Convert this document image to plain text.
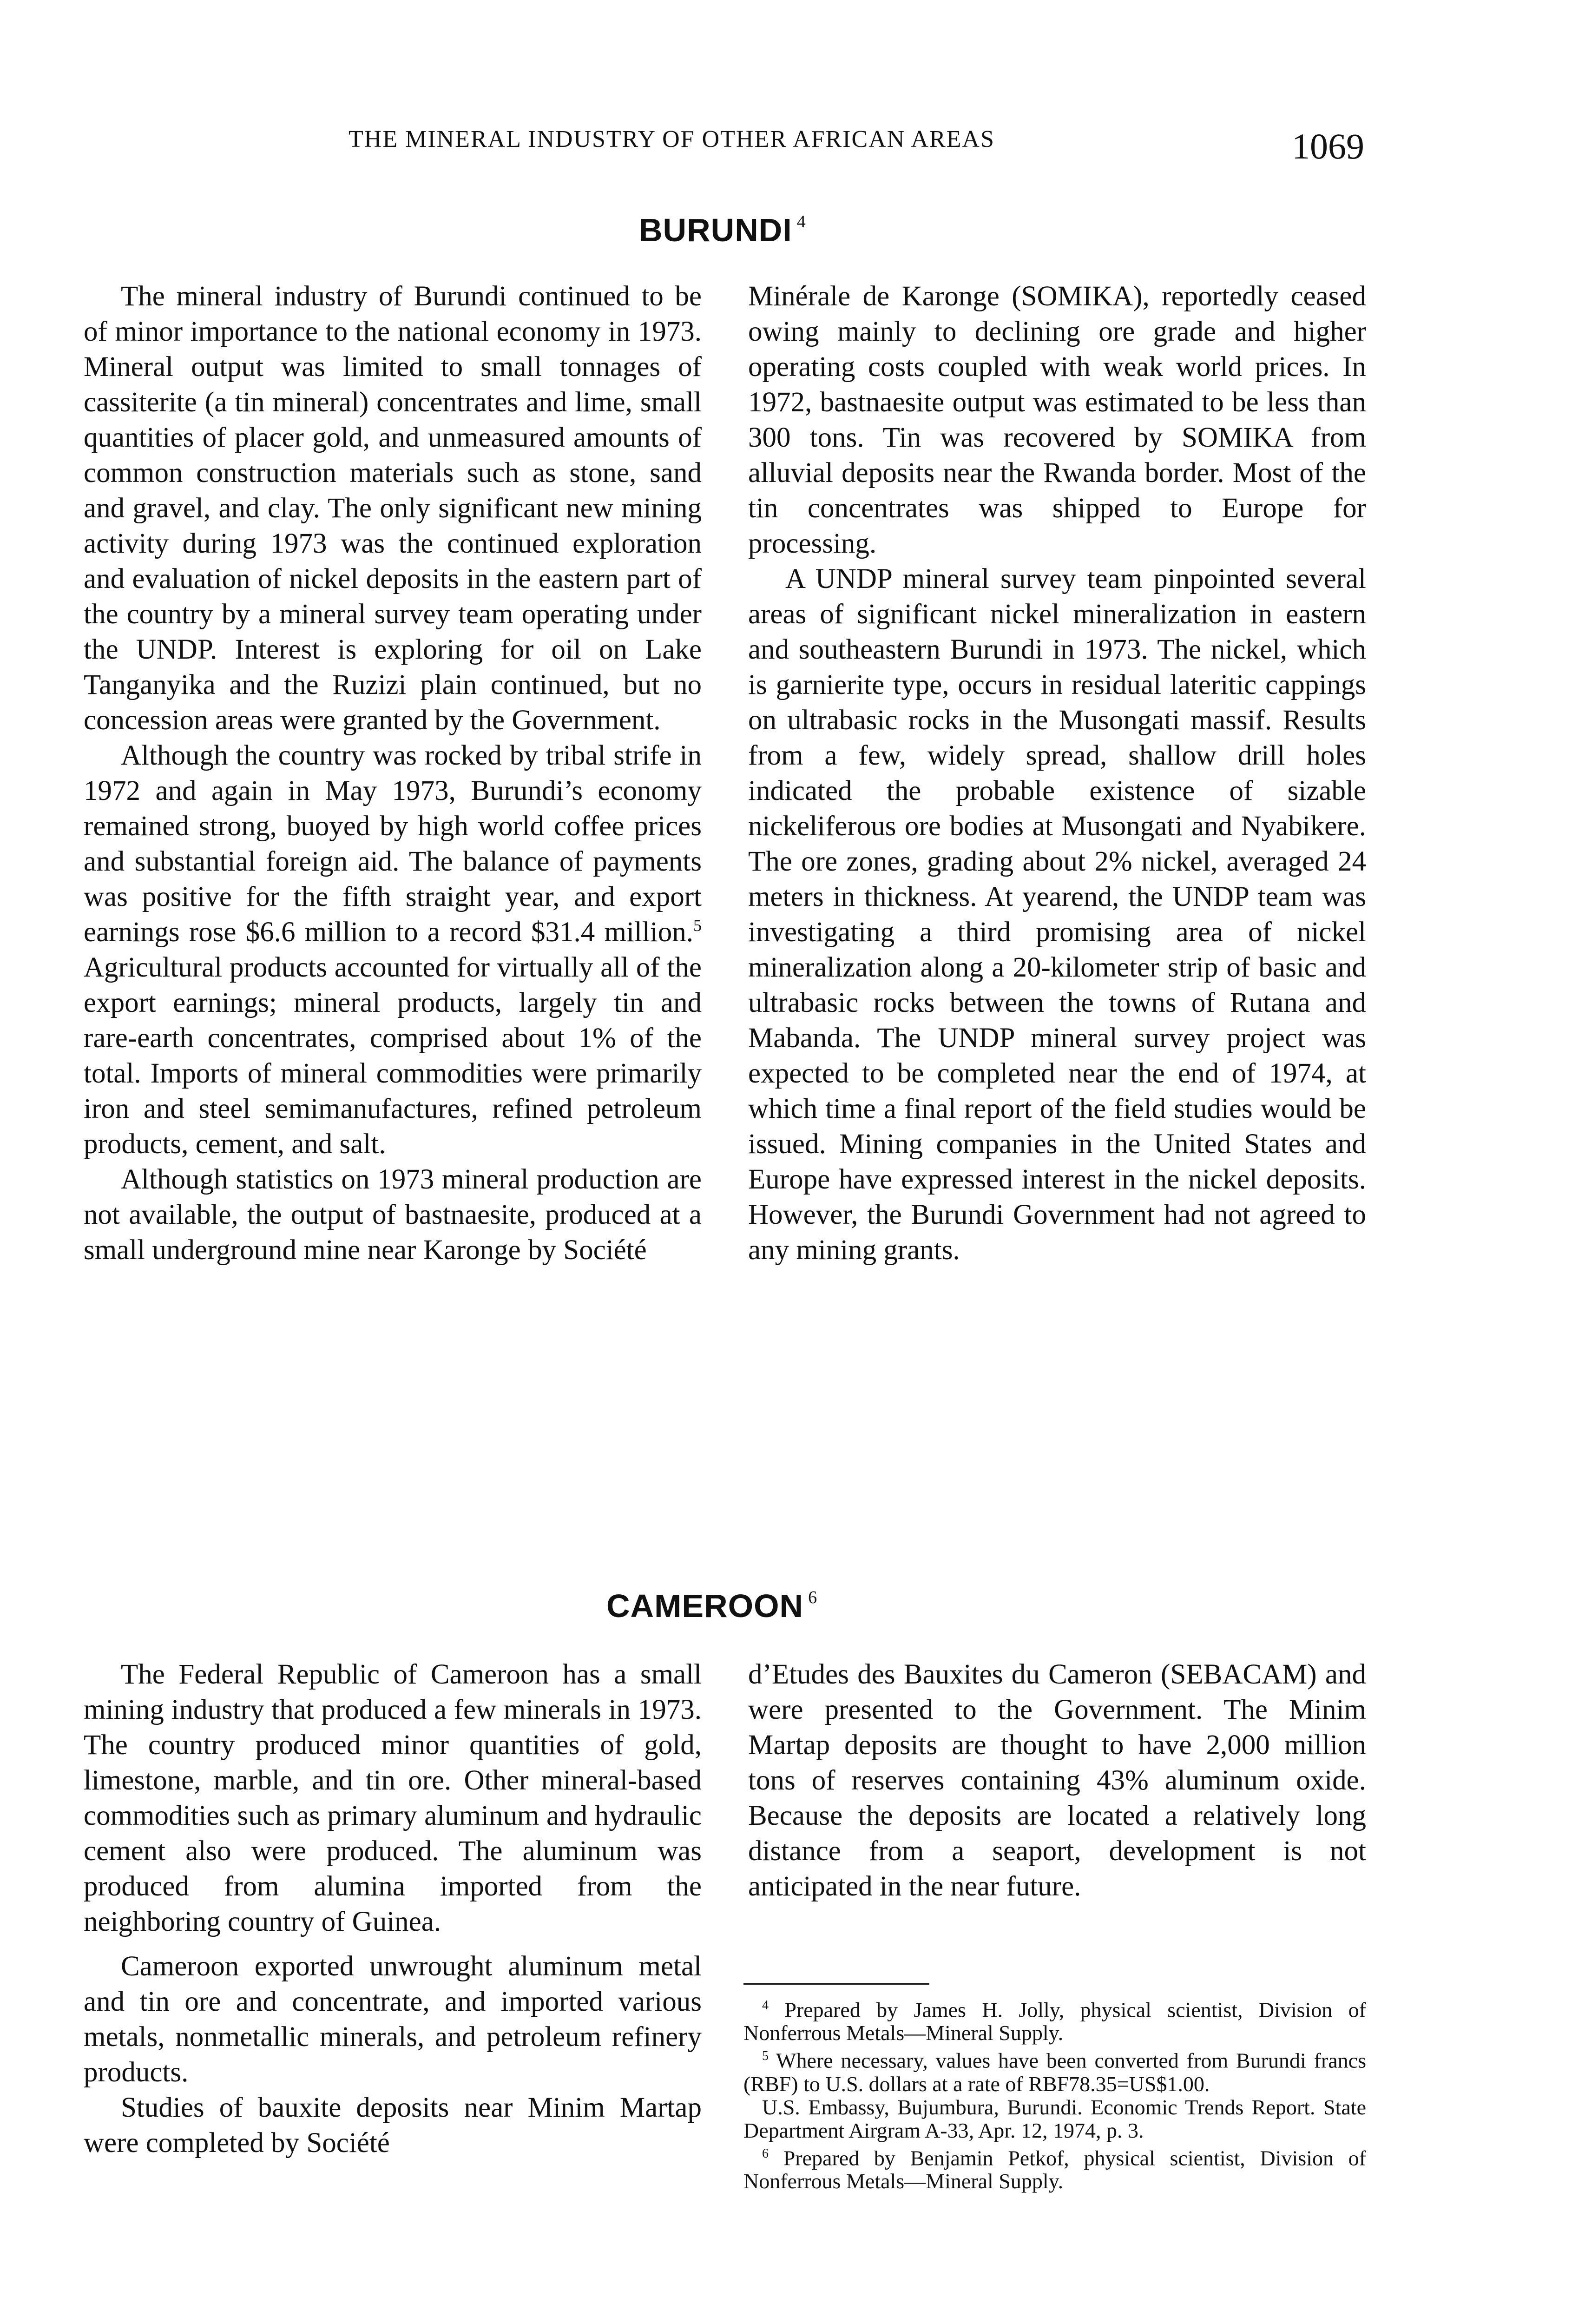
THE MINERAL INDUSTRY OF OTHER AFRICAN AREAS	1069
BURUNDI $^4$

The mineral industry of Burundi continued to be of minor importance to the national economy in 1973. Mineral output was limited to small tonnages of cassiterite (a tin mineral) concentrates and lime, small quantities of placer gold, and unmeasured amounts of common construction materials such as stone, sand and gravel, and clay. The only significant new mining activity during 1973 was the continued exploration and evaluation of nickel deposits in the eastern part of the country by a mineral survey team operating under the UNDP. Interest is exploring for oil on Lake Tanganyika and the Ruzizi plain continued, but no concession areas were granted by the Government.

Although the country was rocked by tribal strife in 1972 and again in May 1973, Burundi’s economy remained strong, buoyed by high world coffee prices and substantial foreign aid. The balance of payments was positive for the fifth straight year, and export earnings rose $6.6 million to a record $31.4 million.$^5$ Agricultural products accounted for virtually all of the export earnings; mineral products, largely tin and rare-earth concentrates, comprised about 1% of the total. Imports of mineral commodities were primarily iron and steel semimanufactures, refined petroleum products, cement, and salt.

Although statistics on 1973 mineral production are not available, the output of bastnaesite, produced at a small underground mine near Karonge by Société

Minérale de Karonge (SOMIKA), reportedly ceased owing mainly to declining ore grade and higher operating costs coupled with weak world prices. In 1972, bastnaesite output was estimated to be less than 300 tons. Tin was recovered by SOMIKA from alluvial deposits near the Rwanda border. Most of the tin concentrates was shipped to Europe for processing.

A UNDP mineral survey team pinpointed several areas of significant nickel mineralization in eastern and southeastern Burundi in 1973. The nickel, which is garnierite type, occurs in residual lateritic cappings on ultrabasic rocks in the Musongati massif. Results from a few, widely spread, shallow drill holes indicated the probable existence of sizable nickeliferous ore bodies at Musongati and Nyabikere. The ore zones, grading about 2% nickel, averaged 24 meters in thickness. At yearend, the UNDP team was investigating a third promising area of nickel mineralization along a 20-kilometer strip of basic and ultrabasic rocks between the towns of Rutana and Mabanda. The UNDP mineral survey project was expected to be completed near the end of 1974, at which time a final report of the field studies would be issued. Mining companies in the United States and Europe have expressed interest in the nickel deposits. However, the Burundi Government had not agreed to any mining grants.

CAMEROON $^6$

The Federal Republic of Cameroon has a small mining industry that produced a few minerals in 1973. The country produced minor quantities of gold, limestone, marble, and tin ore. Other mineral-based commodities such as primary aluminum and hydraulic cement also were produced. The aluminum was produced from alumina imported from the neighboring country of Guinea.

Cameroon exported unwrought aluminum metal and tin ore and concentrate, and imported various metals, nonmetallic minerals, and petroleum refinery products.

Studies of bauxite deposits near Minim Martap were completed by Société

d’Etudes des Bauxites du Cameron (SEBACAM) and were presented to the Government. The Minim Martap deposits are thought to have 2,000 million tons of reserves containing 43% aluminum oxide. Because the deposits are located a relatively long distance from a seaport, development is not anticipated in the near future.

$^4$ Prepared by James H. Jolly, physical scientist, Division of Nonferrous Metals—Mineral Supply.

$^5$ Where necessary, values have been converted from Burundi francs (RBF) to U.S. dollars at a rate of RBF78.35=US$1.00.

U.S. Embassy, Bujumbura, Burundi. Economic Trends Report. State Department Airgram A-33, Apr. 12, 1974, p. 3.

$^6$ Prepared by Benjamin Petkof, physical scientist, Division of Nonferrous Metals—Mineral Supply.
